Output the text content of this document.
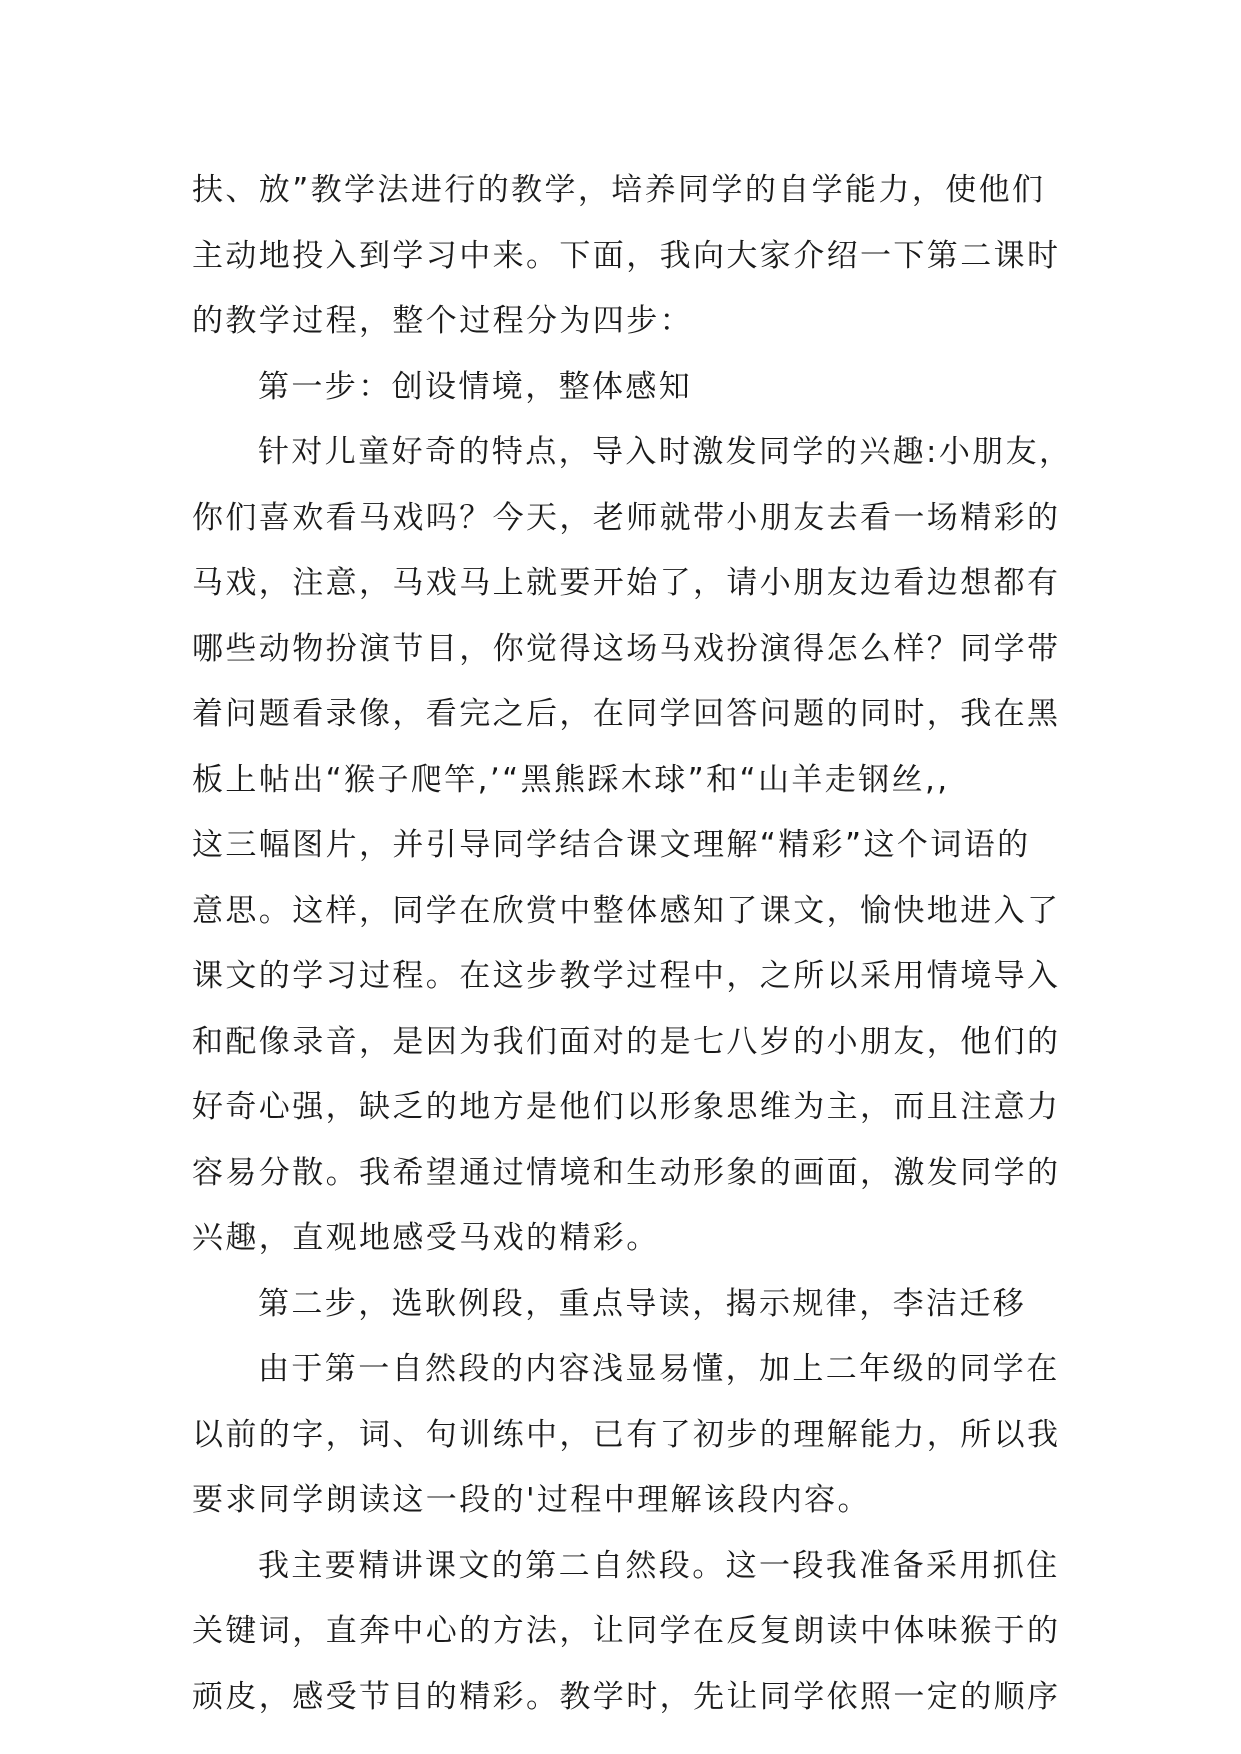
扶、放”教学法进行的教学，培养同学的自学能力，使他们
主动地投入到学习中来。下面，我向大家介绍一下第二课时
的教学过程，整个过程分为四步：
第一步：创设情境，整体感知
针对儿童好奇的特点，导入时激发同学的兴趣:小朋友，
你们喜欢看马戏吗？今天，老师就带小朋友去看一场精彩的
马戏，注意，马戏马上就要开始了，请小朋友边看边想都有
哪些动物扮演节目，你觉得这场马戏扮演得怎么样？同学带
着问题看录像，看完之后，在同学回答问题的同时，我在黑
板上帖出“猴子爬竿,’“黑熊踩木球”和“山羊走钢丝,,
这三幅图片，并引导同学结合课文理解“精彩”这个词语的
意思。这样，同学在欣赏中整体感知了课文，愉快地进入了
课文的学习过程。在这步教学过程中，之所以采用情境导入
和配像录音，是因为我们面对的是七八岁的小朋友，他们的
好奇心强，缺乏的地方是他们以形象思维为主，而且注意力
容易分散。我希望通过情境和生动形象的画面，激发同学的
兴趣，直观地感受马戏的精彩。
第二步，选耿例段，重点导读，揭示规律，李洁迁移
由于第一自然段的内容浅显易懂，加上二年级的同学在
以前的字，词、句训练中，已有了初步的理解能力，所以我
要求同学朗读这一段的'过程中理解该段内容。
我主要精讲课文的第二自然段。这一段我准备采用抓住
关键词，直奔中心的方法，让同学在反复朗读中体味猴于的
顽皮，感受节目的精彩。教学时，先让同学依照一定的顺序
